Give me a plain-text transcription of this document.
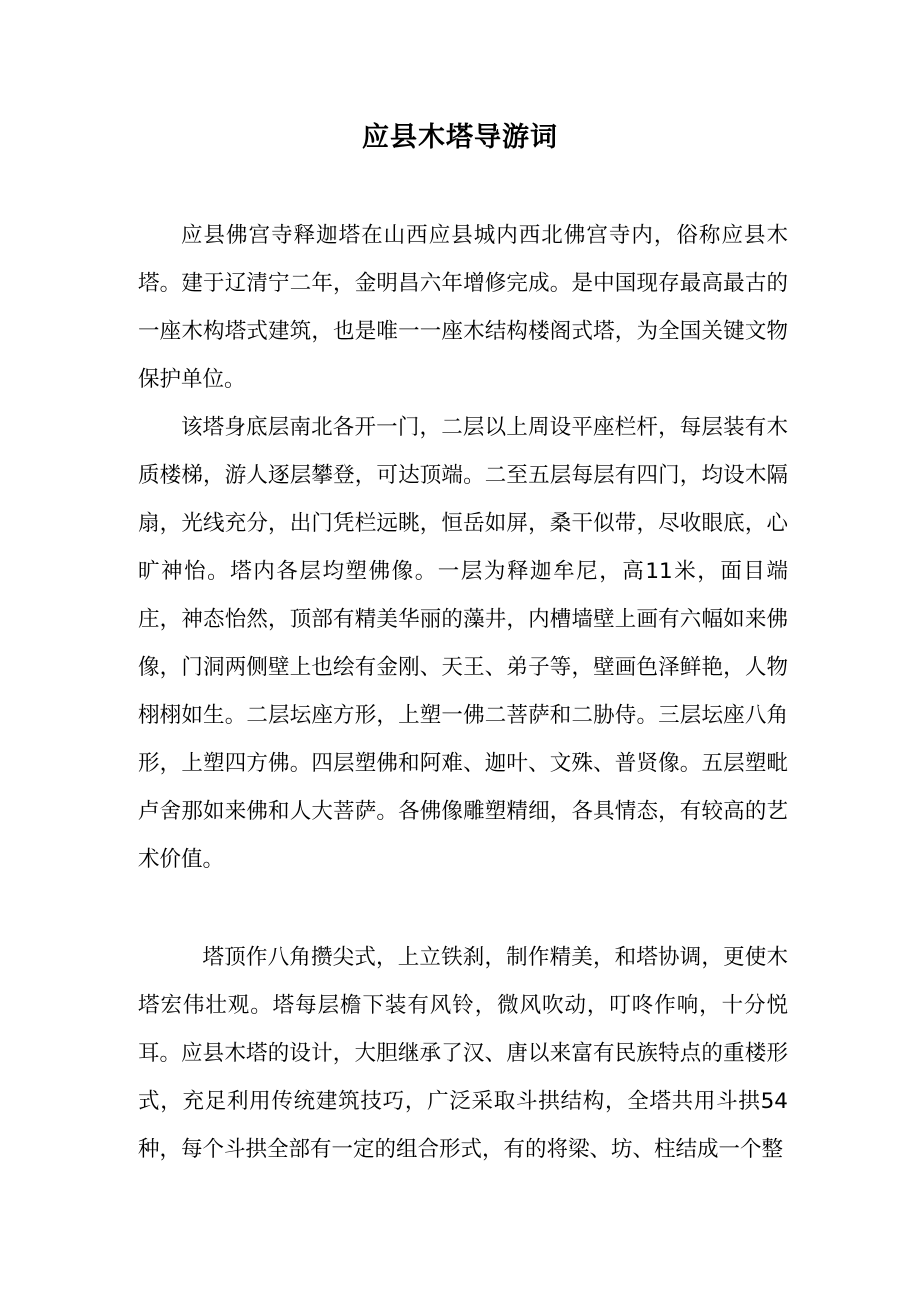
应县木塔导游词

应县佛宫寺释迦塔在山西应县城内西北佛宫寺内，俗称应县木塔。建于辽清宁二年，金明昌六年增修完成。是中国现存最高最古的一座木构塔式建筑，也是唯一一座木结构楼阁式塔，为全国关键文物保护单位。

该塔身底层南北各开一门，二层以上周设平座栏杆，每层装有木质楼梯，游人逐层攀登，可达顶端。二至五层每层有四门，均设木隔扇，光线充分，出门凭栏远眺，恒岳如屏，桑干似带，尽收眼底，心旷神怡。塔内各层均塑佛像。一层为释迦牟尼，高11米，面目端庄，神态怡然，顶部有精美华丽的藻井，内槽墙壁上画有六幅如来佛像，门洞两侧壁上也绘有金刚、天王、弟子等，壁画色泽鲜艳，人物栩栩如生。二层坛座方形，上塑一佛二菩萨和二胁侍。三层坛座八角形，上塑四方佛。四层塑佛和阿难、迦叶、文殊、普贤像。五层塑毗卢舍那如来佛和人大菩萨。各佛像雕塑精细，各具情态，有较高的艺术价值。

塔顶作八角攒尖式，上立铁刹，制作精美，和塔协调，更使木塔宏伟壮观。塔每层檐下装有风铃，微风吹动，叮咚作响，十分悦耳。 应县木塔的设计，大胆继承了汉、唐以来富有民族特点的重楼形式，充足利用传统建筑技巧，广泛采取斗拱结构，全塔共用斗拱54种，每个斗拱全部有一定的组合形式，有的将梁、坊、柱结成一个整
